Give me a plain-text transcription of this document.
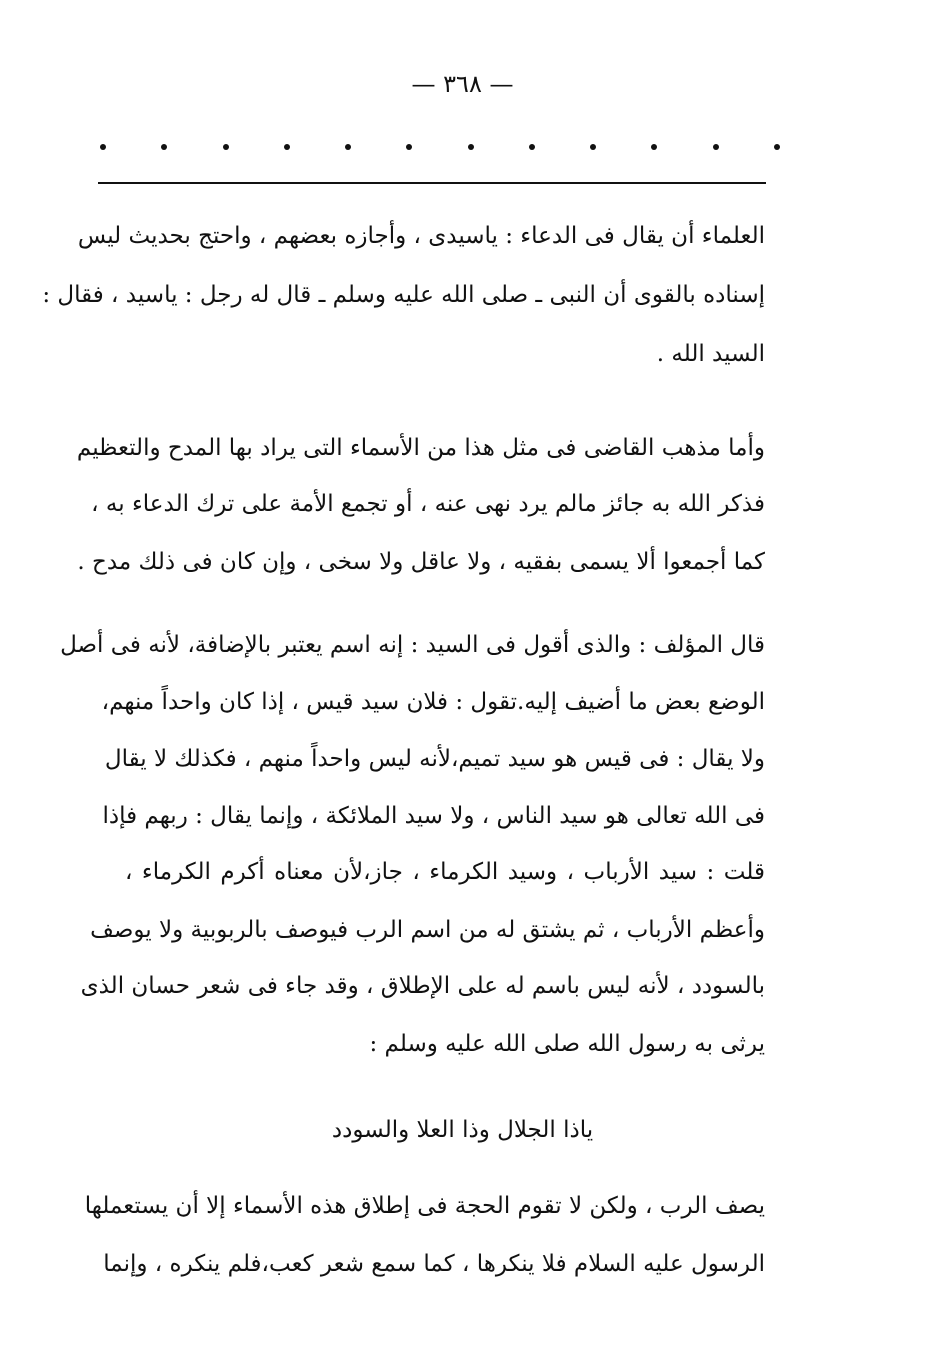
— ٣٦٨ —
العلماء أن يقال فى الدعاء : ياسيدى ، وأجازه بعضهم ، واحتج بحديث ليس
إسناده بالقوى أن النبى ـ صلى الله عليه وسلم ـ قال له رجل : ياسيد ، فقال :
السيد الله .
وأما مذهب القاضى فى مثل هذا من الأسماء التى يراد بها المدح والتعظيم
فذكر الله به جائز مالم يرد نهى عنه ، أو تجمع الأمة على ترك الدعاء به ،
كما أجمعوا ألا يسمى بفقيه ، ولا عاقل ولا سخى ، وإن كان فى ذلك مدح .
قال المؤلف : والذى أقول فى السيد : إنه اسم يعتبر بالإضافة، لأنه فى أصل
الوضع بعض ما أضيف إليه.تقول : فلان سيد قيس ، إذا كان واحداً منهم،
ولا يقال : فى قيس هو سيد تميم،لأنه ليس واحداً منهم ، فكذلك لا يقال
فى الله تعالى هو سيد الناس ، ولا سيد الملائكة ، وإنما يقال : ربهم فإذا
قلت : سيد الأرباب ، وسيد الكرماء ، جاز،لأن معناه أكرم الكرماء ،
وأعظم الأرباب ، ثم يشتق له من اسم الرب فيوصف بالربوبية ولا يوصف
بالسودد ، لأنه ليس باسم له على الإطلاق ، وقد جاء فى شعر حسان الذى
يرثى به رسول الله صلى الله عليه وسلم :
ياذا الجلال وذا العلا والسودد
يصف الرب ، ولكن لا تقوم الحجة فى إطلاق هذه الأسماء إلا أن يستعملها
الرسول عليه السلام فلا ينكرها ، كما سمع شعر كعب،فلم ينكره ، وإنما
